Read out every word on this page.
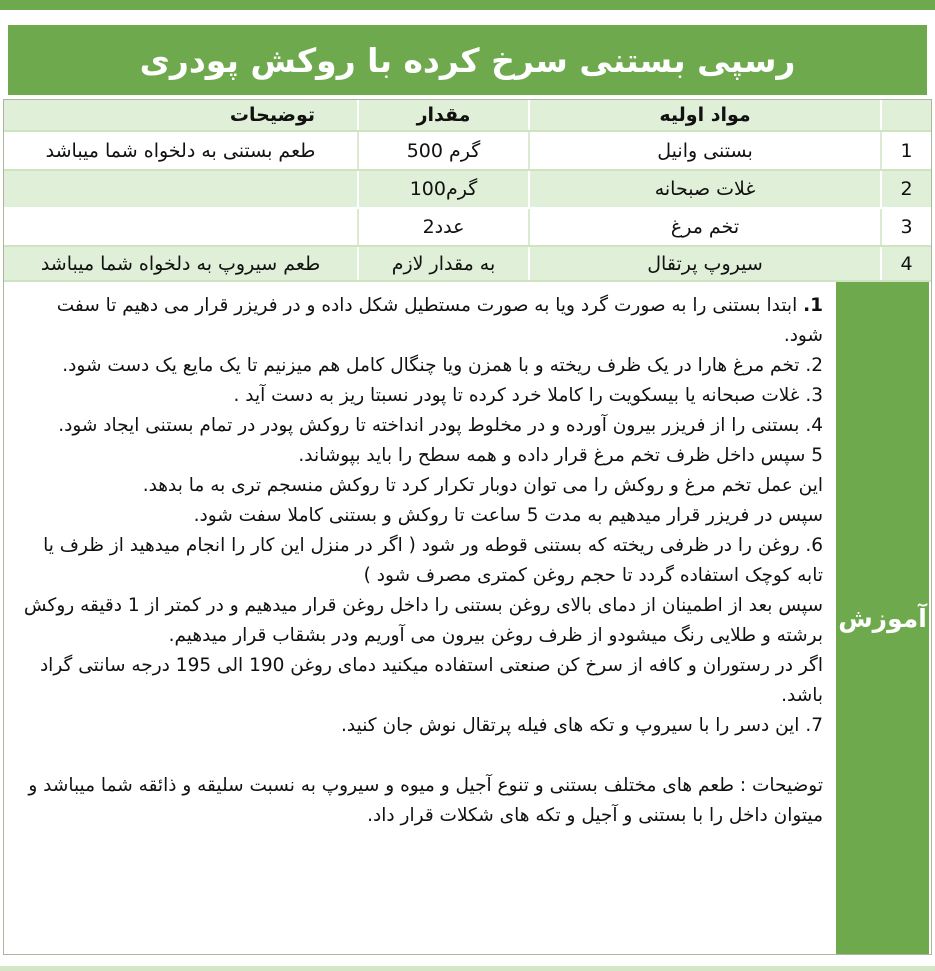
رسپی بستنی سرخ کرده با روکش پودری
مواد اولیه
مقدار
توضیحات
1
بستنی وانیل
500 گرم
طعم بستنی به دلخواه شما میباشد
2
غلات صبحانه
100گرم
3
تخم مرغ
2عدد
4
سیروپ پرتقال
به مقدار لازم
طعم سیروپ به دلخواه شما میباشد
آموزش

1. ابتدا بستنی را به صورت گرد ویا به صورت مستطیل شکل داده و در فریزر قرار می دهیم تا سفت شود.

2. تخم مرغ هارا در یک ظرف ریخته و با همزن ویا چنگال کامل هم میزنیم تا یک مایع یک دست شود.

3. غلات صبحانه یا بیسکویت را کاملا خرد کرده تا پودر نسبتا ریز به دست آید .

4. بستنی را از فریزر بیرون آورده و در مخلوط پودر انداخته تا روکش پودر در تمام بستنی ایجاد شود.

5 سپس داخل ظرف تخم مرغ قرار داده و همه سطح را باید بپوشاند.

این عمل تخم مرغ و روکش را می توان دوبار تکرار کرد تا روکش منسجم تری به ما بدهد.

سپس در فریزر قرار میدهیم به مدت 5 ساعت تا روکش و بستنی کاملا سفت شود.

6. روغن را در ظرفی ریخته که بستنی قوطه ور شود ( اگر در منزل این کار را انجام میدهید از ظرف یا تابه کوچک استفاده گردد تا حجم روغن کمتری مصرف شود )

سپس بعد از اطمینان از دمای بالای روغن بستنی را داخل روغن قرار میدهیم و در کمتر از 1 دقیقه روکش برشته و طلایی رنگ میشودو از ظرف روغن بیرون می آوریم ودر بشقاب قرار میدهیم.

اگر در رستوران و کافه از سرخ کن صنعتی استفاده میکنید دمای روغن 190 الی 195 درجه سانتی گراد باشد.

7. این دسر را با سیروپ و تکه های فیله پرتقال نوش جان کنید.

توضیحات : طعم های مختلف بستنی و تنوع آجیل و میوه و سیروپ به نسبت سلیقه و ذائقه شما میباشد و میتوان داخل را با بستنی و آجیل و تکه های شکلات قرار داد.
